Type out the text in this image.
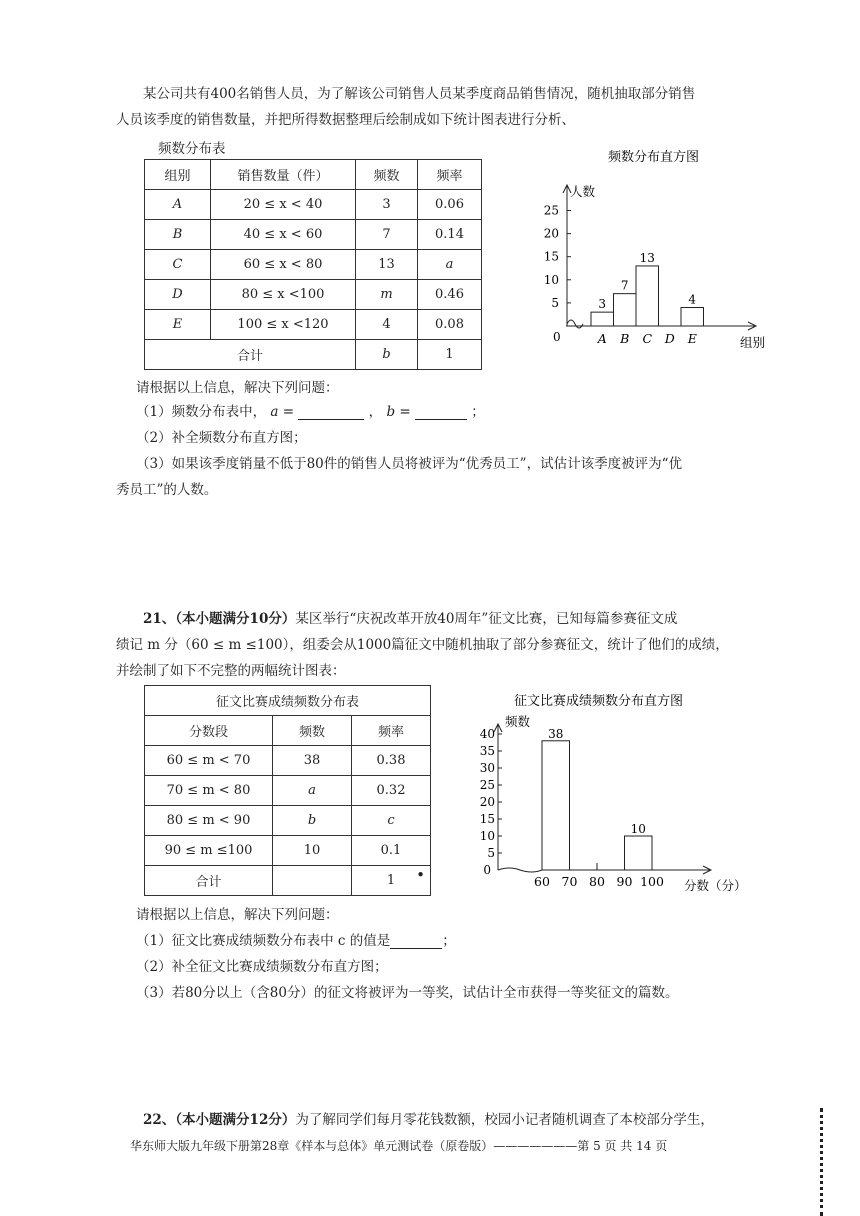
某公司共有400名销售人员，为了解该公司销售人员某季度商品销售情况，随机抽取部分销售
人员该季度的销售数量，并把所得数据整理后绘制成如下统计图表进行分析、
频数分布表
组别	销售数量（件）	频数	频率
A	20 ≤ x < 40	3	0.06
B	40 ≤ x < 60	7	0.14
C	60 ≤ x < 80	13	a
D	80 ≤ x <100	m	0.46
E	100 ≤ x <120	4	0.08
合计		b	1
频数分布直方图
人数
0
5
10
15
20
25
A
3
B
7
C
13
D E
4
组别
请根据以上信息，解决下列问题：
（1）频数分布表中， a =	， b =	；
（2）补全频数分布直方图；
（3）如果该季度销量不低于80件的销售人员将被评为“优秀员工”，试估计该季度被评为“优
秀员工”的人数。
21、（本小题满分10分）某区举行“庆祝改革开放40周年”征文比赛，已知每篇参赛征文成
绩记 m 分（60 ≤ m ≤100），组委会从1000篇征文中随机抽取了部分参赛征文，统计了他们的成绩，
并绘制了如下不完整的两幅统计图表：
征文比赛成绩频数分布表		
分数段	频数	频率
60 ≤ m < 70	38	0.38
70 ≤ m < 80	a	0.32
80 ≤ m < 90	b	c
90 ≤ m ≤100	10	0.1
合计		1 •
征文比赛成绩频数分布直方图
频数
0
5
10
15
20
25
30
35
40
60 70 80 90 100
38
10
分数（分）
请根据以上信息，解决下列问题：
（1）征文比赛成绩频数分布表中 c 的值是	；
（2）补全征文比赛成绩频数分布直方图；
（3）若80分以上（含80分）的征文将被评为一等奖，试估计全市获得一等奖征文的篇数。
22、（本小题满分12分）为了解同学们每月零花钱数额，校园小记者随机调查了本校部分学生，
华东师大版九年级下册第28章《样本与总体》单元测试卷（原卷版）———————第 5 页 共 14 页
